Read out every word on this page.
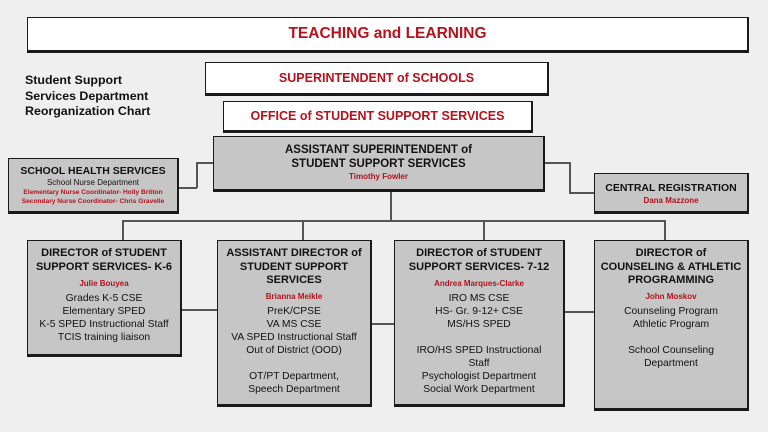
Student Support
Services Department
Reorganization Chart
TEACHING and LEARNING
SUPERINTENDENT of SCHOOLS
OFFICE of STUDENT SUPPORT SERVICES
ASSISTANT SUPERINTENDENT of
STUDENT SUPPORT SERVICES
Timothy Fowler
SCHOOL HEALTH SERVICES
School Nurse Department
Elementary Nurse Coordinator- Holly Britton
Secondary Nurse Coordinator- Chris Gravelle
CENTRAL REGISTRATION
Dana Mazzone
DIRECTOR of STUDENT
SUPPORT SERVICES- K-6
Julie Bouyea
Grades K-5 CSE
Elementary SPED
K-5 SPED Instructional Staff
TCIS training liaison
ASSISTANT DIRECTOR of
STUDENT SUPPORT
SERVICES
Brianna Meikle
PreK/CPSE
VA MS CSE
VA SPED Instructional Staff
Out of District (OOD)
OT/PT Department,
Speech Department
DIRECTOR of STUDENT
SUPPORT SERVICES- 7-12
Andrea Marques-Clarke
IRO MS CSE
HS- Gr. 9-12+ CSE
MS/HS SPED
IRO/HS SPED Instructional
Staff
Psychologist Department
Social Work Department
DIRECTOR of
COUNSELING & ATHLETIC
PROGRAMMING
John Moskov
Counseling Program
Athletic Program
School Counseling
Department
